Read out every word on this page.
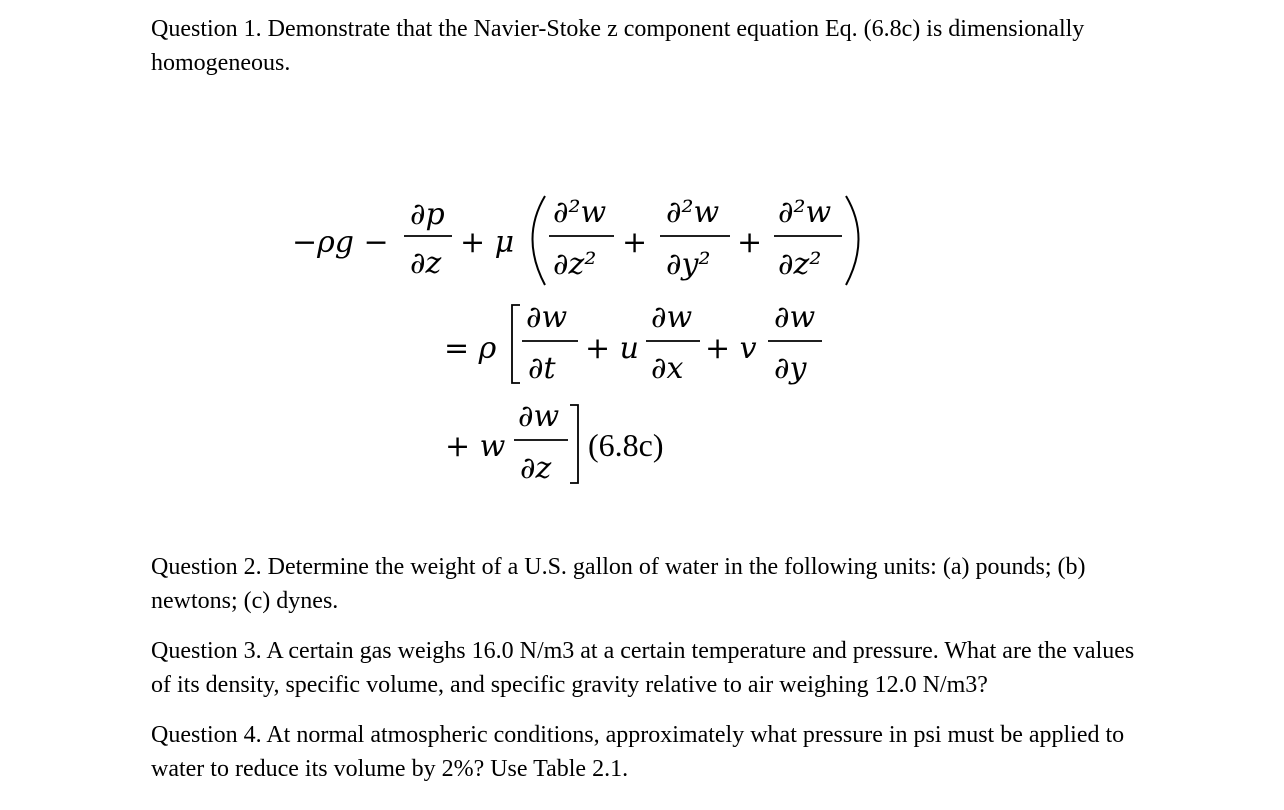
Question 1. Demonstrate that the Navier-Stoke z component equation Eq. (6.8c) is dimensionally homogeneous.

−ρg −
∂p
∂z
+ μ
∂²w
∂z²
+
∂²w
∂y²
+
∂²w
∂z²
= ρ
∂w
∂t
+ u
∂w
∂x
+ v
∂w
∂y
+ w
∂w
∂z
(6.8c)

Question 2. Determine the weight of a U.S. gallon of water in the following units: (a) pounds; (b) newtons; (c) dynes.

Question 3. A certain gas weighs 16.0 N/m3 at a certain temperature and pressure. What are the values of its density, specific volume, and specific gravity relative to air weighing 12.0 N/m3?

Question 4. At normal atmospheric conditions, approximately what pressure in psi must be applied to water to reduce its volume by 2%? Use Table 2.1.
